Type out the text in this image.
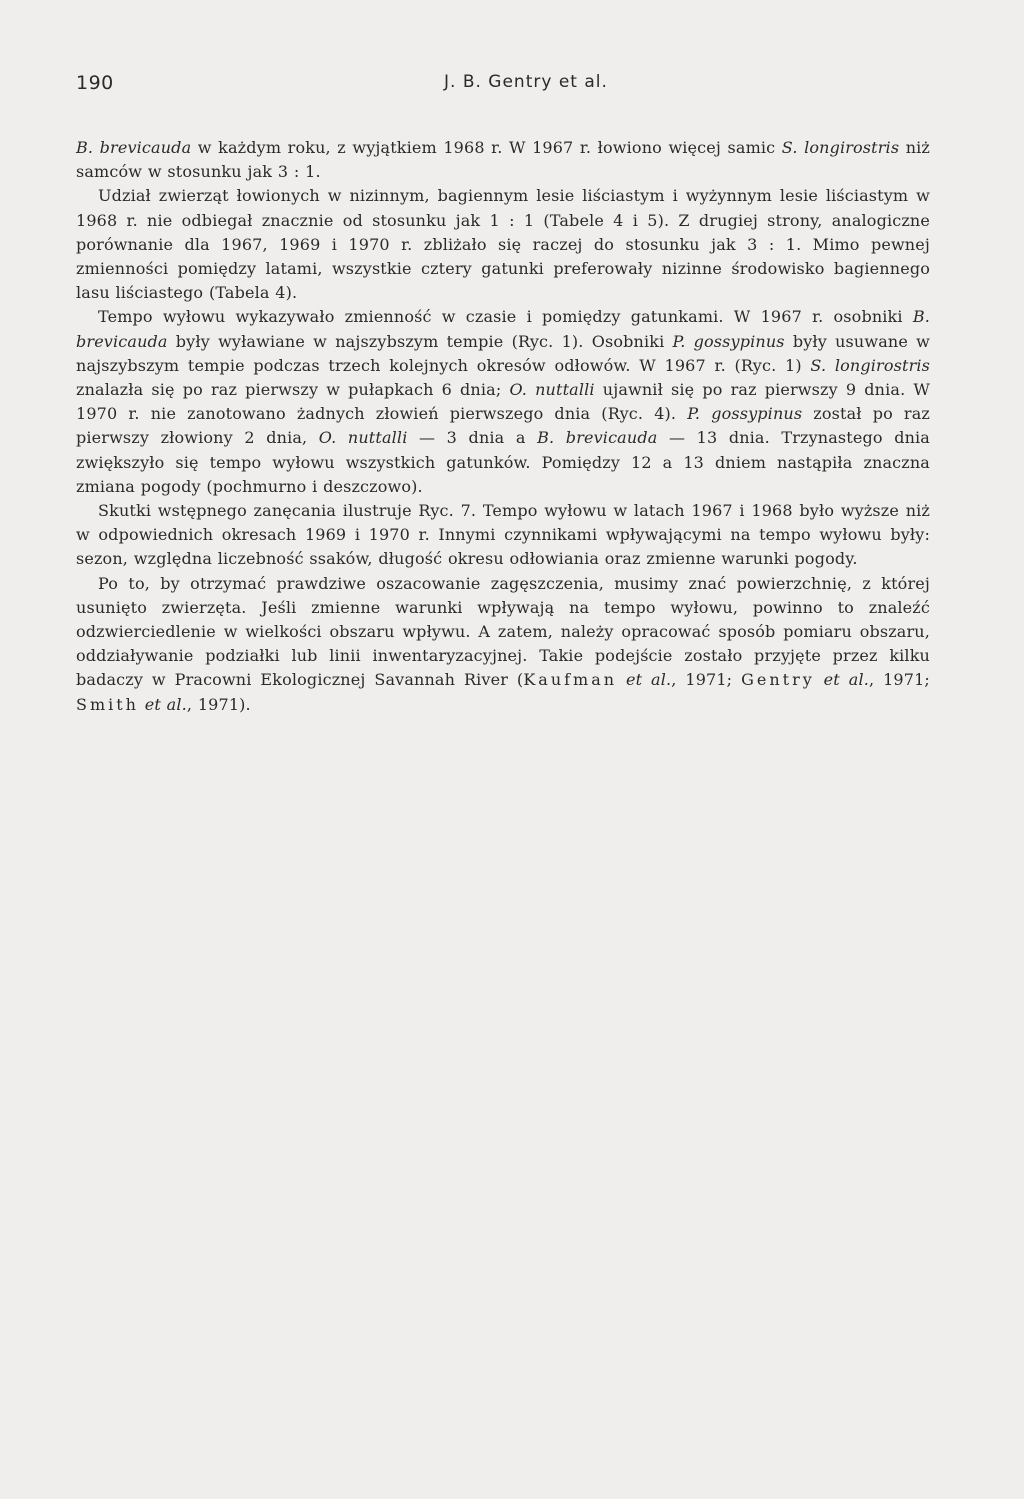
190	J. B. Gentry et al.

B. brevicauda w każdym roku, z wyjątkiem 1968 r. W 1967 r. łowiono więcej samic S. longirostris niż samców w stosunku jak 3 : 1.

Udział zwierząt łowionych w nizinnym, bagiennym lesie liściastym i wyżynnym lesie liściastym w 1968 r. nie odbiegał znacznie od stosunku jak 1 : 1 (Tabele 4 i 5). Z drugiej strony, analogiczne porównanie dla 1967, 1969 i 1970 r. zbliżało się raczej do stosunku jak 3 : 1. Mimo pewnej zmienności pomiędzy latami, wszystkie cztery gatunki preferowały nizinne środowisko bagiennego lasu liściastego (Tabela 4).

Tempo wyłowu wykazywało zmienność w czasie i pomiędzy gatunkami. W 1967 r. osobniki B. brevicauda były wyławiane w najszybszym tempie (Ryc. 1). Osobniki P. gossypinus były usuwane w najszybszym tempie podczas trzech kolejnych okresów odłowów. W 1967 r. (Ryc. 1) S. longirostris znalazła się po raz pierwszy w pułapkach 6 dnia; O. nuttalli ujawnił się po raz pierwszy 9 dnia. W 1970 r. nie zanotowano żadnych złowień pierwszego dnia (Ryc. 4). P. gossypinus został po raz pierwszy złowiony 2 dnia, O. nuttalli — 3 dnia a B. brevicauda — 13 dnia. Trzynastego dnia zwiększyło się tempo wyłowu wszystkich gatunków. Pomiędzy 12 a 13 dniem nastąpiła znaczna zmiana pogody (pochmurno i deszczowo).

Skutki wstępnego zanęcania ilustruje Ryc. 7. Tempo wyłowu w latach 1967 i 1968 było wyższe niż w odpowiednich okresach 1969 i 1970 r. Innymi czynnikami wpływającymi na tempo wyłowu były: sezon, względna liczebność ssaków, długość okresu odłowiania oraz zmienne warunki pogody.

Po to, by otrzymać prawdziwe oszacowanie zagęszczenia, musimy znać powierzchnię, z której usunięto zwierzęta. Jeśli zmienne warunki wpływają na tempo wyłowu, powinno to znaleźć odzwierciedlenie w wielkości obszaru wpływu. A zatem, należy opracować sposób pomiaru obszaru, oddziaływanie podziałki lub linii inwentaryzacyjnej. Takie podejście zostało przyjęte przez kilku badaczy w Pracowni Ekologicznej Savannah River (Kaufman et al., 1971; Gentry et al., 1971; Smith et al., 1971).
